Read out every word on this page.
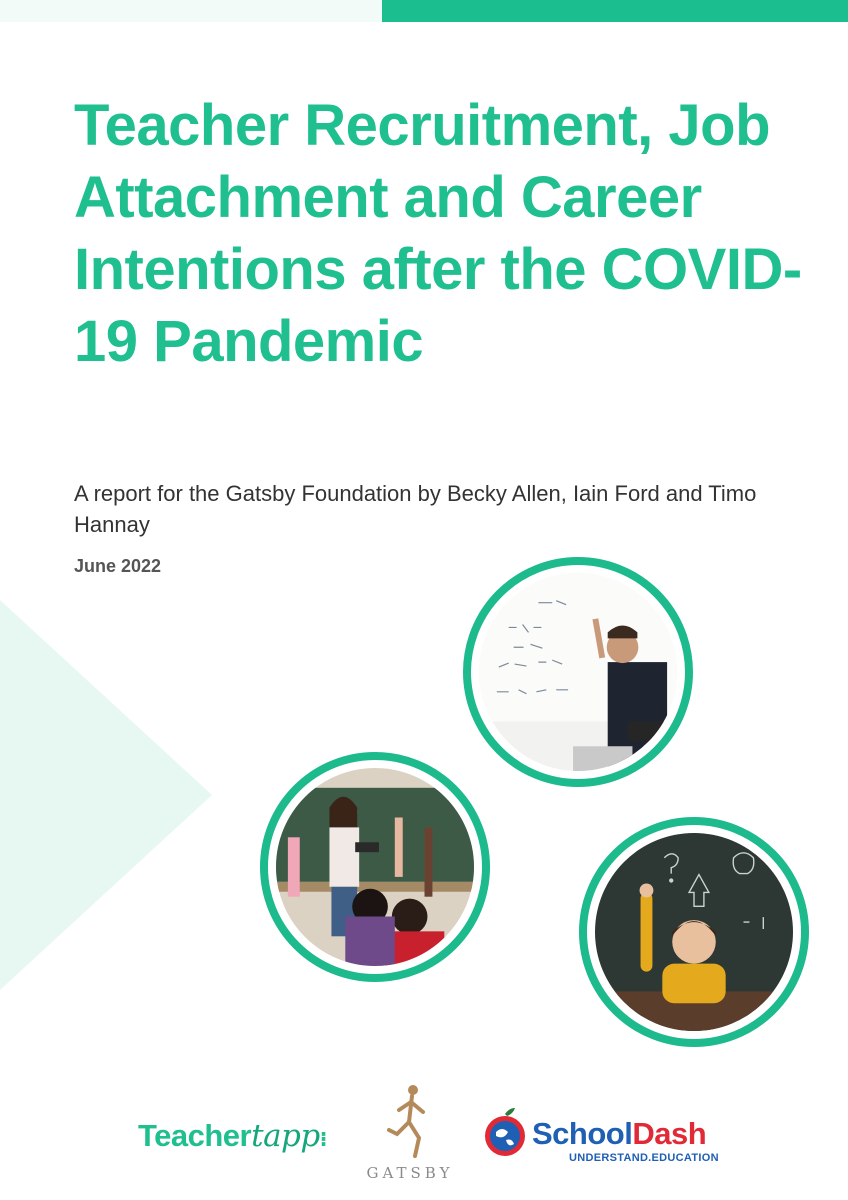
Teacher Recruitment, Job Attachment and Career Intentions after the COVID-19 Pandemic

A report for the Gatsby Foundation by Becky Allen, Iain Ford and Timo Hannay

June 2022

Teachertapp⁝
GATSBY
SchoolDash
UNDERSTAND.EDUCATION
